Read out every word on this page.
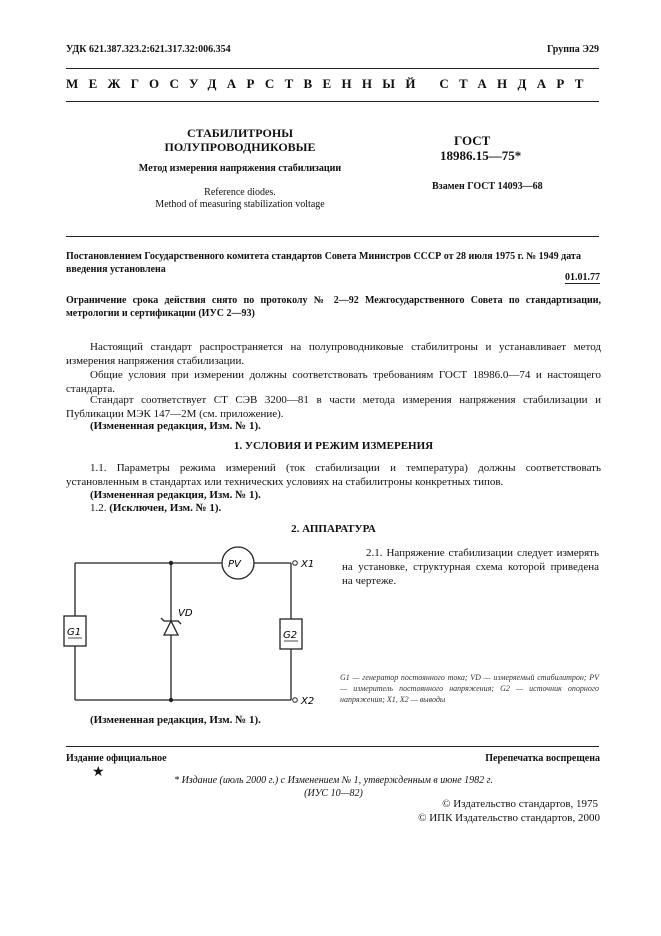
УДК 621.387.323.2:621.317.32:006.354	Группа Э29
МЕЖГОСУДАРСТВЕННЫЙ СТАНДАРТ
СТАБИЛИТРОНЫ
ПОЛУПРОВОДНИКОВЫЕ
Метод измерения напряжения стабилизации
Reference diodes.
Method of measuring stabilization voltage
ГОСТ
18986.15—75*
Взамен ГОСТ 14093—68
Постановлением Государственного комитета стандартов Совета Министров СССР от 28 июля 1975 г. № 1949 дата введения установлена
01.01.77
Ограничение срока действия снято по протоколу № 2—92 Межгосударственного Совета по стандартизации, метрологии и сертификации (ИУС 2—93)
Настоящий стандарт распространяется на полупроводниковые стабилитроны и устанавливает метод измерения напряжения стабилизации.
Общие условия при измерении должны соответствовать требованиям ГОСТ 18986.0—74 и настоящего стандарта.
Стандарт соответствует СТ СЭВ 3200—81 в части метода измерения напряжения стабилизации и Публикации МЭК 147—2М (см. приложение).
(Измененная редакция, Изм. № 1).
1. УСЛОВИЯ И РЕЖИМ ИЗМЕРЕНИЯ
1.1. Параметры режима измерений (ток стабилизации и температура) должны соответствовать установленным в стандартах или технических условиях на стабилитроны конкретных типов.
(Измененная редакция, Изм. № 1).
1.2. (Исключен, Изм. № 1).
2. АППАРАТУРА
2.1. Напряжение стабилизации следует измерять на установке, структурная схема которой приведена на чертеже.
G1	G2
PV
VD
X1
X2
G1 — генератор постоянного тока; VD — измеряемый стабилитрон; PV — измеритель постоянного напряжения; G2 — источник опорного напряжения; X1, X2 — выводы
(Измененная редакция, Изм. № 1).
Издание официальное	Перепечатка воспрещена
★
* Издание (июль 2000 г.) с Изменением № 1, утвержденным в июне 1982 г.
(ИУС 10—82)
© Издательство стандартов, 1975
© ИПК Издательство стандартов, 2000
